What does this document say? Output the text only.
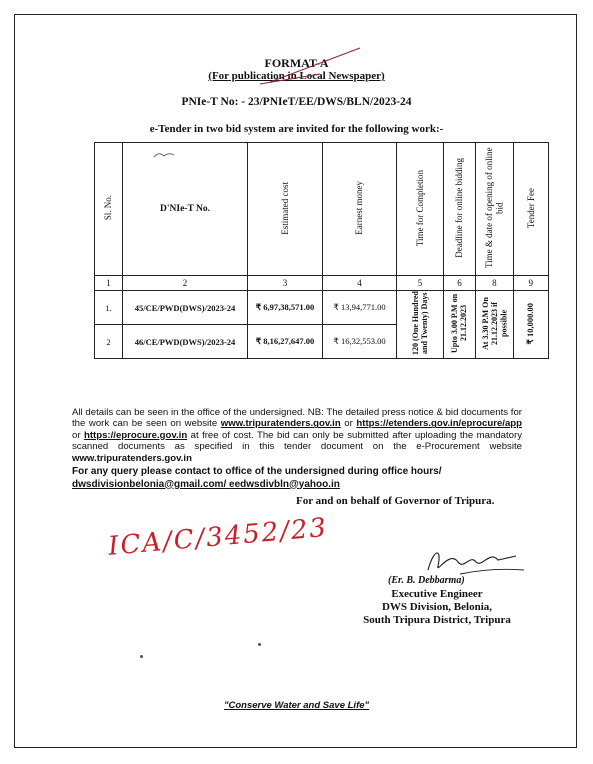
FORMAT-A
(For publication in Local Newspaper)
PNIe-T No: - 23/PNIeT/EE/DWS/BLN/2023-24
e-Tender in two bid system are invited for the following work:-
Sl. No.	D'NIe-T No.	Estimated cost	Earnest money	Time for Completion	Deadline for online bidding	Time & date of opening of online bid	Tender Fee
1	2	3	4	5	6	8	9
1.	45/CE/PWD(DWS)/2023-24	₹ 6,97,38,571.00	₹ 13,94,771.00	120 (One Hundred and Twenty) Days	Upto 3.00 P.M on 21.12.2023	At 3.30 P.M On 21.12.2023 if possible	₹ 10,000.00
2	46/CE/PWD(DWS)/2023-24	₹ 8,16,27,647.00	₹ 16,32,553.00				
All details can be seen in the office of the undersigned. NB: The detailed press notice & bid documents for the work can be seen on website www.tripuratenders.gov.in or https://etenders.gov.in/eprocure/app or https://eprocure.gov.in at free of cost. The bid can only be submitted after uploading the mandatory scanned documents as specified in this tender document on the e-Procurement website www.tripuratenders.gov.in
For any query please contact to office of the undersigned during office hours/
dwsdivisionbelonia@gmail.com/ eedwsdivbln@yahoo.in
For and on behalf of Governor of Tripura.
ICA/C/3452/23
(Er. B. Debbarma)
Executive Engineer
DWS Division, Belonia,
South Tripura District, Tripura
"Conserve Water and Save Life"
